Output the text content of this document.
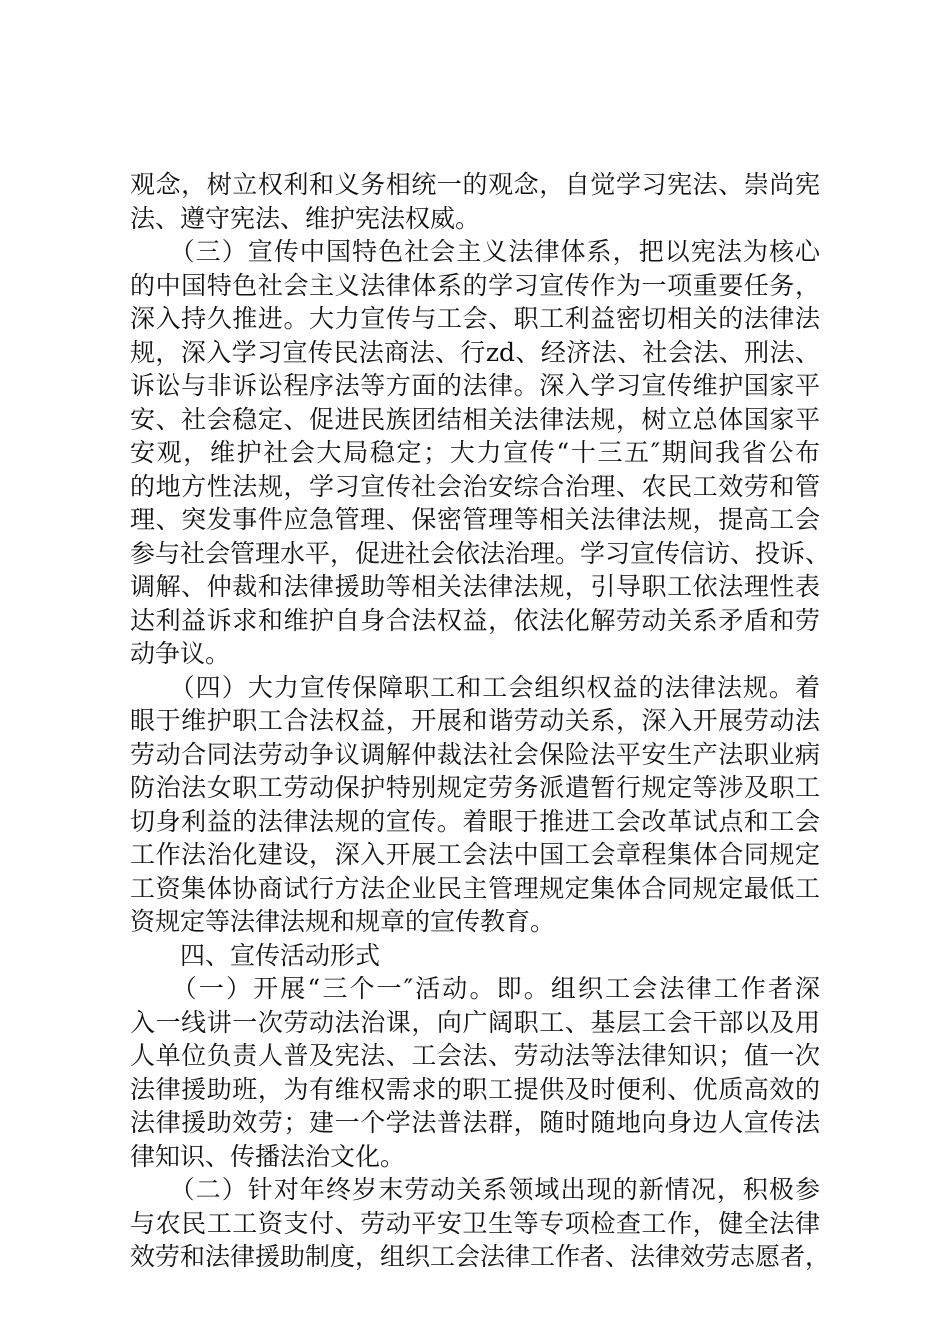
观念，树立权利和义务相统一的观念，自觉学习宪法、崇尚宪
法、遵守宪法、维护宪法权威。
　　（三）宣传中国特色社会主义法律体系，把以宪法为核心
的中国特色社会主义法律体系的学习宣传作为一项重要任务，
深入持久推进。大力宣传与工会、职工利益密切相关的法律法
规，深入学习宣传民法商法、行zd、经济法、社会法、刑法、
诉讼与非诉讼程序法等方面的法律。深入学习宣传维护国家平
安、社会稳定、促进民族团结相关法律法规，树立总体国家平
安观，维护社会大局稳定；大力宣传“十三五″期间我省公布
的地方性法规，学习宣传社会治安综合治理、农民工效劳和管
理、突发事件应急管理、保密管理等相关法律法规，提高工会
参与社会管理水平，促进社会依法治理。学习宣传信访、投诉、
调解、仲裁和法律援助等相关法律法规，引导职工依法理性表
达利益诉求和维护自身合法权益，依法化解劳动关系矛盾和劳
动争议。
　　（四）大力宣传保障职工和工会组织权益的法律法规。着
眼于维护职工合法权益，开展和谐劳动关系，深入开展劳动法
劳动合同法劳动争议调解仲裁法社会保险法平安生产法职业病
防治法女职工劳动保护特别规定劳务派遣暂行规定等涉及职工
切身利益的法律法规的宣传。着眼于推进工会改革试点和工会
工作法治化建设，深入开展工会法中国工会章程集体合同规定
工资集体协商试行方法企业民主管理规定集体合同规定最低工
资规定等法律法规和规章的宣传教育。
　　四、宣传活动形式
　　（一）开展“三个一″活动。即。组织工会法律工作者深
入一线讲一次劳动法治课，向广阔职工、基层工会干部以及用
人单位负责人普及宪法、工会法、劳动法等法律知识；值一次
法律援助班，为有维权需求的职工提供及时便利、优质高效的
法律援助效劳；建一个学法普法群，随时随地向身边人宣传法
律知识、传播法治文化。
　　（二）针对年终岁末劳动关系领域出现的新情况，积极参
与农民工工资支付、劳动平安卫生等专项检查工作，健全法律
效劳和法律援助制度，组织工会法律工作者、法律效劳志愿者，
